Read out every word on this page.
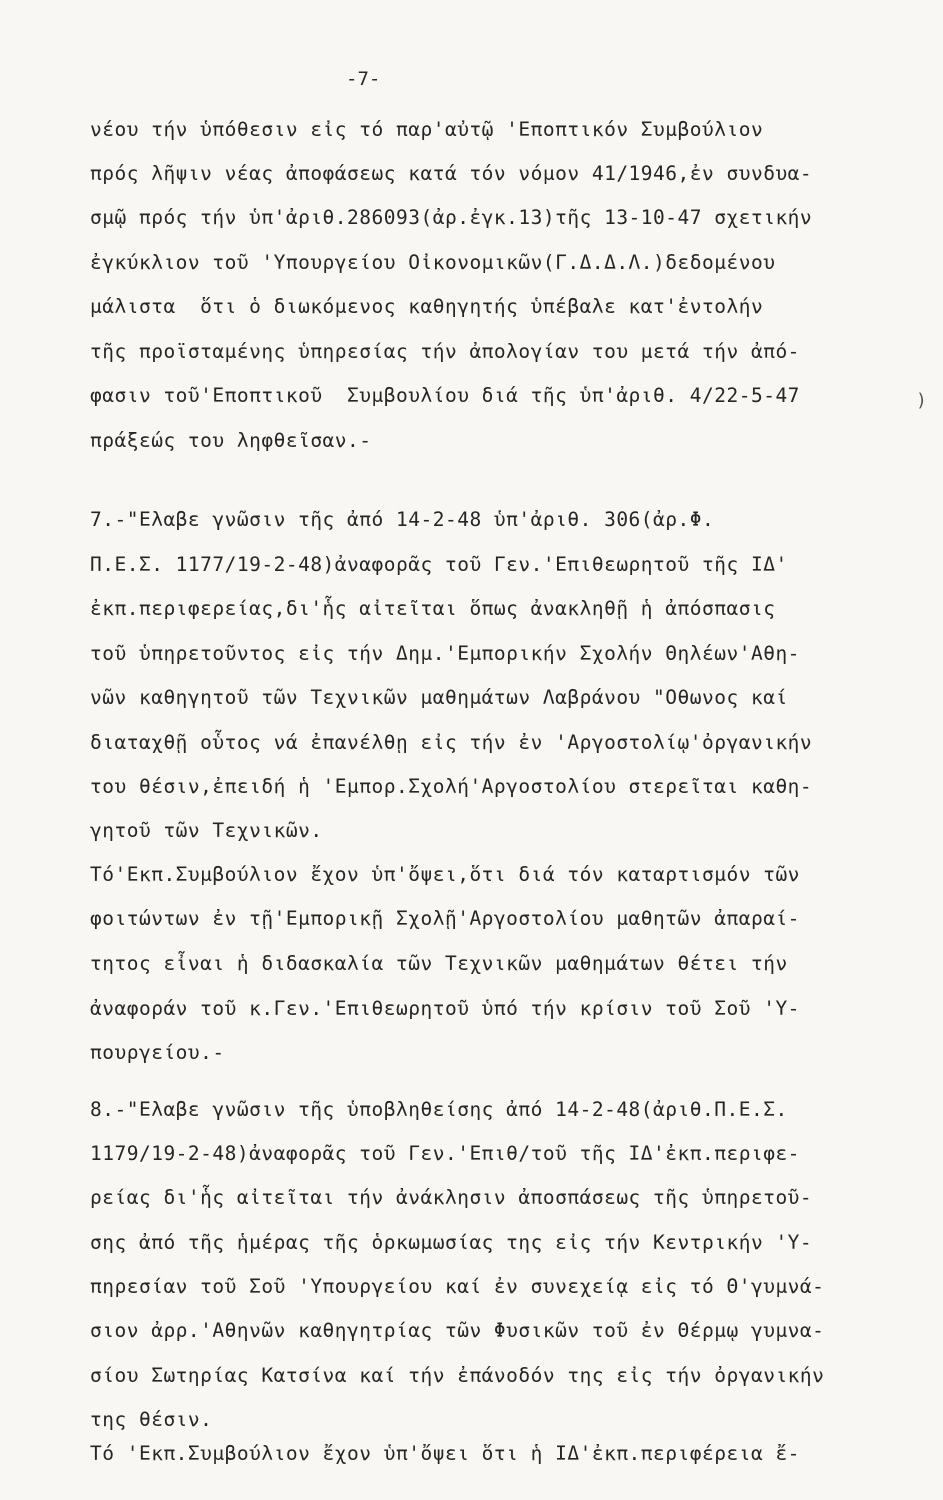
-7-
νέου τήν ὑπόθεσιν εἰς τό παρ'αὐτῷ 'Εποπτικόν Συμβούλιον
πρός λῆψιν νέας ἀποφάσεως κατά τόν νόμον 41/1946,ἐν συνδυα-
σμῷ πρός τήν ὑπ'ἀριθ.286093(ἀρ.ἐγκ.13)τῆς 13-10-47 σχετικήν
ἐγκύκλιον τοῦ 'Υπουργείου Οἰκονομικῶν(Γ.Δ.Δ.Λ.)δεδομένου
μάλιστα  ὅτι ὁ διωκόμενος καθηγητής ὑπέβαλε κατ'ἐντολήν
τῆς προϊσταμένης ὑπηρεσίας τήν ἀπολογίαν του μετά τήν ἀπό-
φασιν τοῦ'Εποπτικοῦ  Συμβουλίου διά τῆς ὑπ'ἀριθ. 4/22-5-47
πράξεώς του ληφθεῖσαν.-
7.-"Ελαβε γνῶσιν τῆς ἀπό 14-2-48 ὑπ'ἀριθ. 306(ἀρ.Φ.
Π.Ε.Σ. 1177/19-2-48)ἀναφορᾶς τοῦ Γεν.'Επιθεωρητοῦ τῆς ΙΔ'
ἐκπ.περιφερείας,δι'ἧς αἰτεῖται ὅπως ἀνακληθῇ ἡ ἀπόσπασις
τοῦ ὑπηρετοῦντος εἰς τήν Δημ.'Εμπορικήν Σχολήν Θηλέων'Αθη-
νῶν καθηγητοῦ τῶν Τεχνικῶν μαθημάτων Λαβράνου "Οθωνος καί
διαταχθῇ οὗτος νά ἐπανέλθῃ εἰς τήν ἐν 'Αργοστολίῳ'ὀργανικήν
του θέσιν,ἐπειδή ἡ 'Εμπορ.Σχολή'Αργοστολίου στερεῖται καθη-
γητοῦ τῶν Τεχνικῶν.
Τό'Εκπ.Συμβούλιον ἔχον ὑπ'ὄψει,ὅτι διά τόν καταρτισμόν τῶν
φοιτώντων ἐν τῇ'Εμπορικῇ Σχολῇ'Αργοστολίου μαθητῶν ἀπαραί-
τητος εἶναι ἡ διδασκαλία τῶν Τεχνικῶν μαθημάτων θέτει τήν
ἀναφοράν τοῦ κ.Γεν.'Επιθεωρητοῦ ὑπό τήν κρίσιν τοῦ Σοῦ 'Υ-
πουργείου.-
8.-"Ελαβε γνῶσιν τῆς ὑποβληθείσης ἀπό 14-2-48(ἀριθ.Π.Ε.Σ.
1179/19-2-48)ἀναφορᾶς τοῦ Γεν.'Επιθ/τοῦ τῆς ΙΔ'ἐκπ.περιφε-
ρείας δι'ἧς αἰτεῖται τήν ἀνάκλησιν ἀποσπάσεως τῆς ὑπηρετοῦ-
σης ἀπό τῆς ἡμέρας τῆς ὁρκωμωσίας της εἰς τήν Κεντρικήν 'Υ-
πηρεσίαν τοῦ Σοῦ 'Υπουργείου καί ἐν συνεχείᾳ εἰς τό Θ'γυμνά-
σιον ἀρρ.'Αθηνῶν καθηγητρίας τῶν Φυσικῶν τοῦ ἐν Θέρμῳ γυμνα-
σίου Σωτηρίας Κατσίνα καί τήν ἐπάνοδόν της εἰς τήν ὀργανικήν
της θέσιν.
Τό 'Εκπ.Συμβούλιον ἔχον ὑπ'ὄψει ὅτι ἡ ΙΔ'ἐκπ.περιφέρεια ἔ-
)
